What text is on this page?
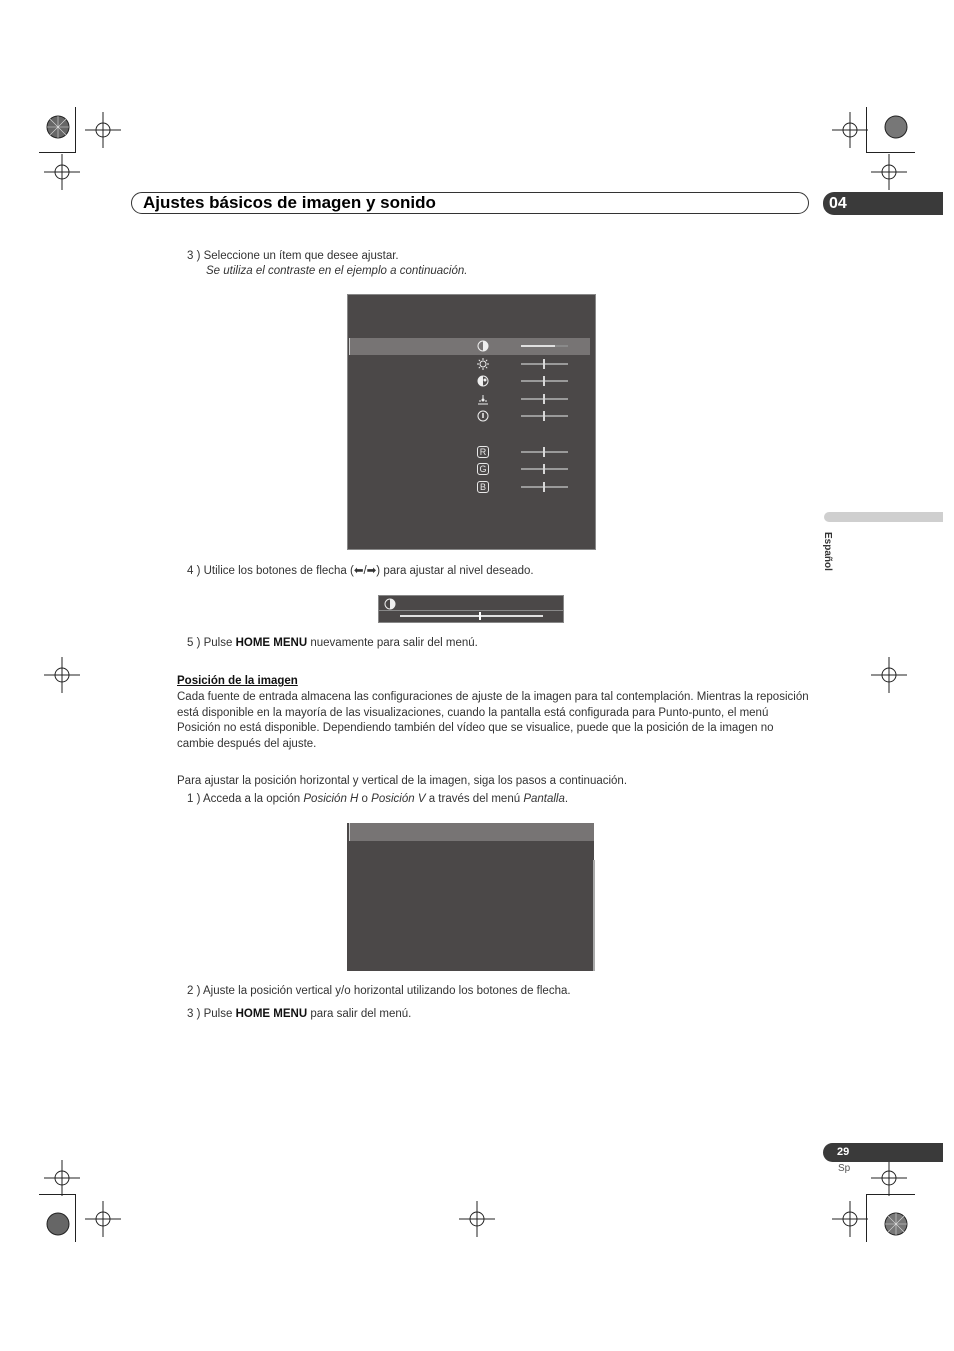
Ajustes básicos de imagen y sonido	04
Español
3 ) Seleccione un ítem que desee ajustar.
Se utiliza el contraste en el ejemplo a continuación.
R
G
B
4 ) Utilice los botones de flecha (⬅/➡) para ajustar al nivel deseado.
5 ) Pulse HOME MENU nuevamente para salir del menú.
Posición de la imagen
Cada fuente de entrada almacena las configuraciones de ajuste de la imagen para tal contemplación. Mientras la reposición está disponible en la mayoría de las visualizaciones, cuando la pantalla está configurada para Punto-punto, el menú Posición no está disponible. Dependiendo también del vídeo que se visualice, puede que la posición de la imagen no cambie después del ajuste.
Para ajustar la posición horizontal y vertical de la imagen, siga los pasos a continuación.
1 ) Acceda a la opción Posición H o Posición V a través del menú Pantalla.
2 ) Ajuste la posición vertical y/o horizontal utilizando los botones de flecha.
3 ) Pulse HOME MENU para salir del menú.
29
Sp
